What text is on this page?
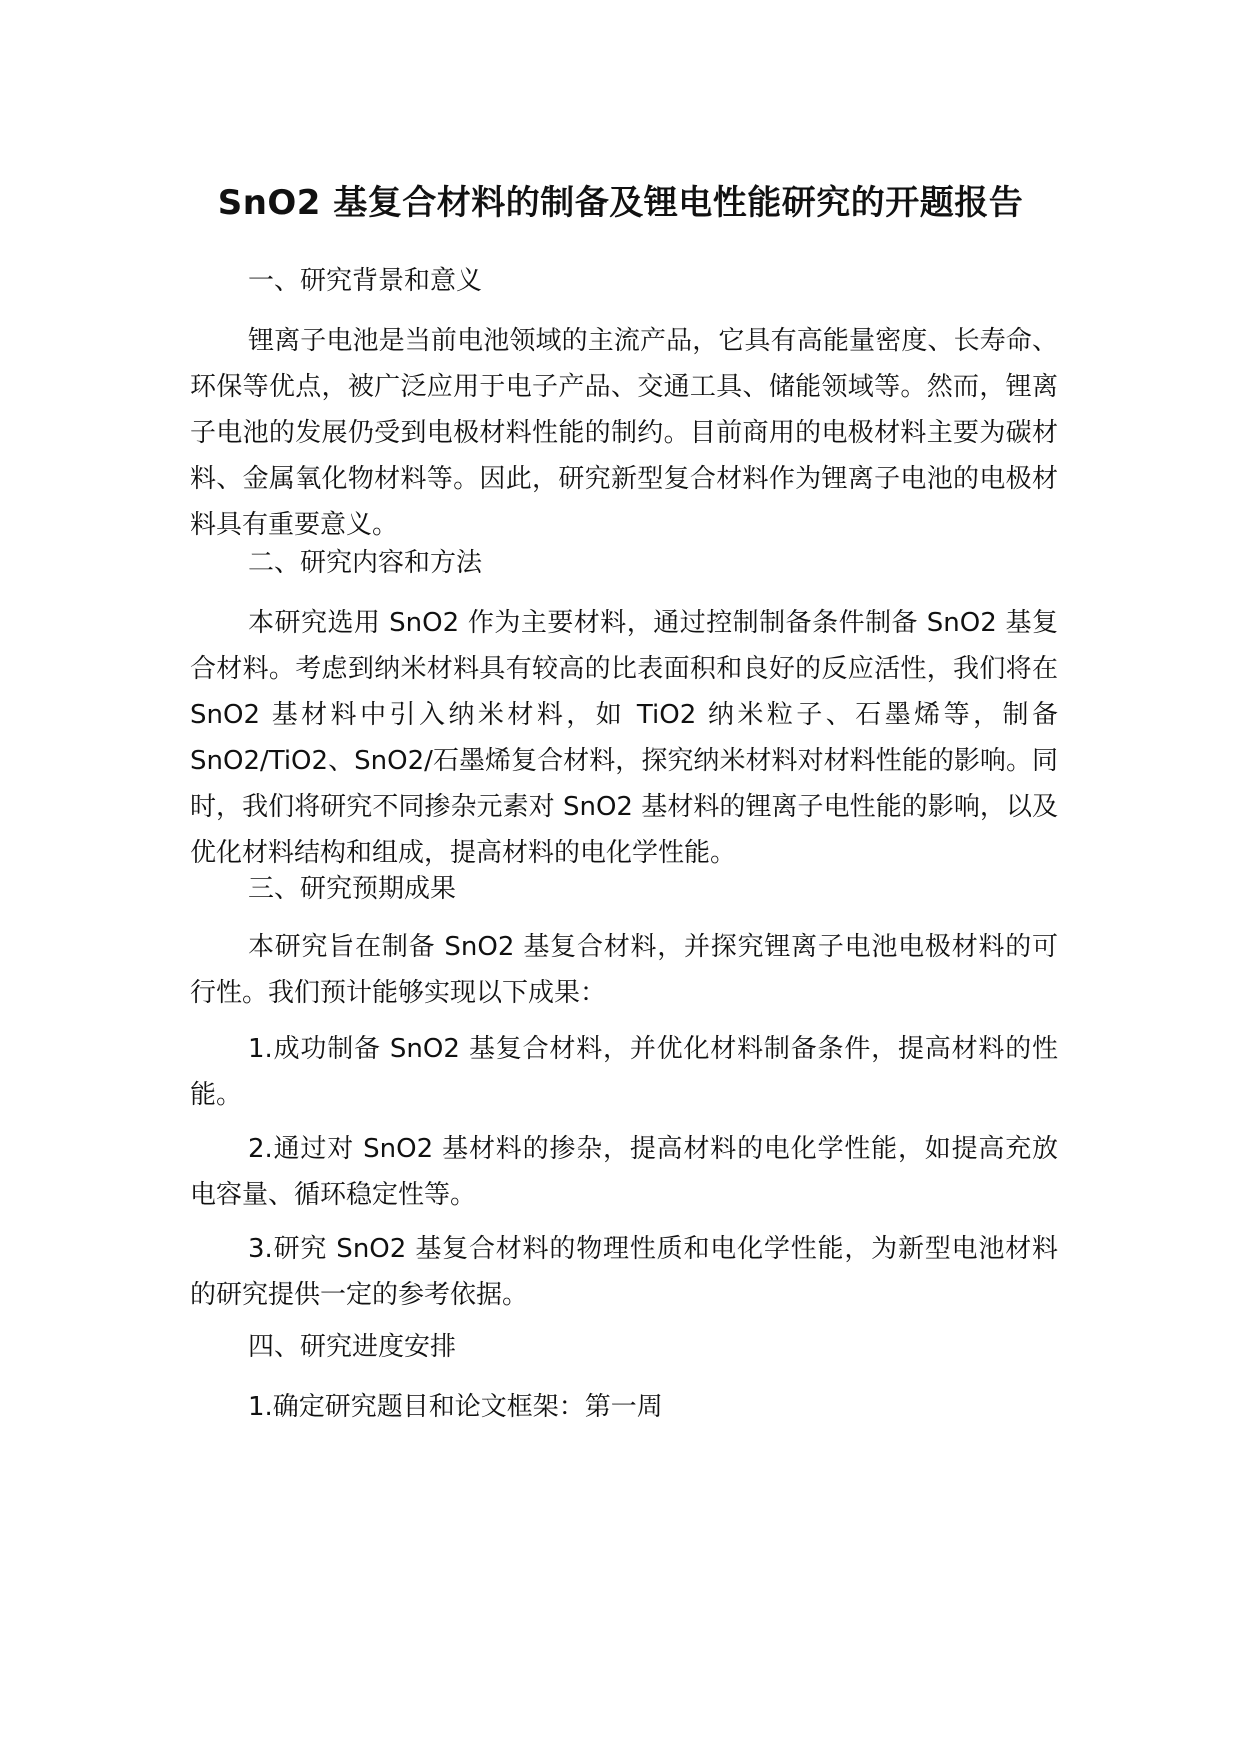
SnO2 基复合材料的制备及锂电性能研究的开题报告

一、研究背景和意义

锂离子电池是当前电池领域的主流产品，它具有高能量密度、长寿命、环保等优点，被广泛应用于电子产品、交通工具、储能领域等。然而，锂离子电池的发展仍受到电极材料性能的制约。目前商用的电极材料主要为碳材料、金属氧化物材料等。因此，研究新型复合材料作为锂离子电池的电极材料具有重要意义。

二、研究内容和方法

本研究选用 SnO2 作为主要材料，通过控制制备条件制备 SnO2 基复合材料。考虑到纳米材料具有较高的比表面积和良好的反应活性，我们将在 SnO2 基材料中引入纳米材料，如 TiO2 纳米粒子、石墨烯等，制备 SnO2/TiO2、SnO2/石墨烯复合材料，探究纳米材料对材料性能的影响。同时，我们将研究不同掺杂元素对 SnO2 基材料的锂离子电性能的影响，以及优化材料结构和组成，提高材料的电化学性能。

三、研究预期成果

本研究旨在制备 SnO2 基复合材料，并探究锂离子电池电极材料的可行性。我们预计能够实现以下成果：

1.成功制备 SnO2 基复合材料，并优化材料制备条件，提高材料的性能。

2.通过对 SnO2 基材料的掺杂，提高材料的电化学性能，如提高充放电容量、循环稳定性等。

3.研究 SnO2 基复合材料的物理性质和电化学性能，为新型电池材料的研究提供一定的参考依据。

四、研究进度安排

1.确定研究题目和论文框架：第一周
